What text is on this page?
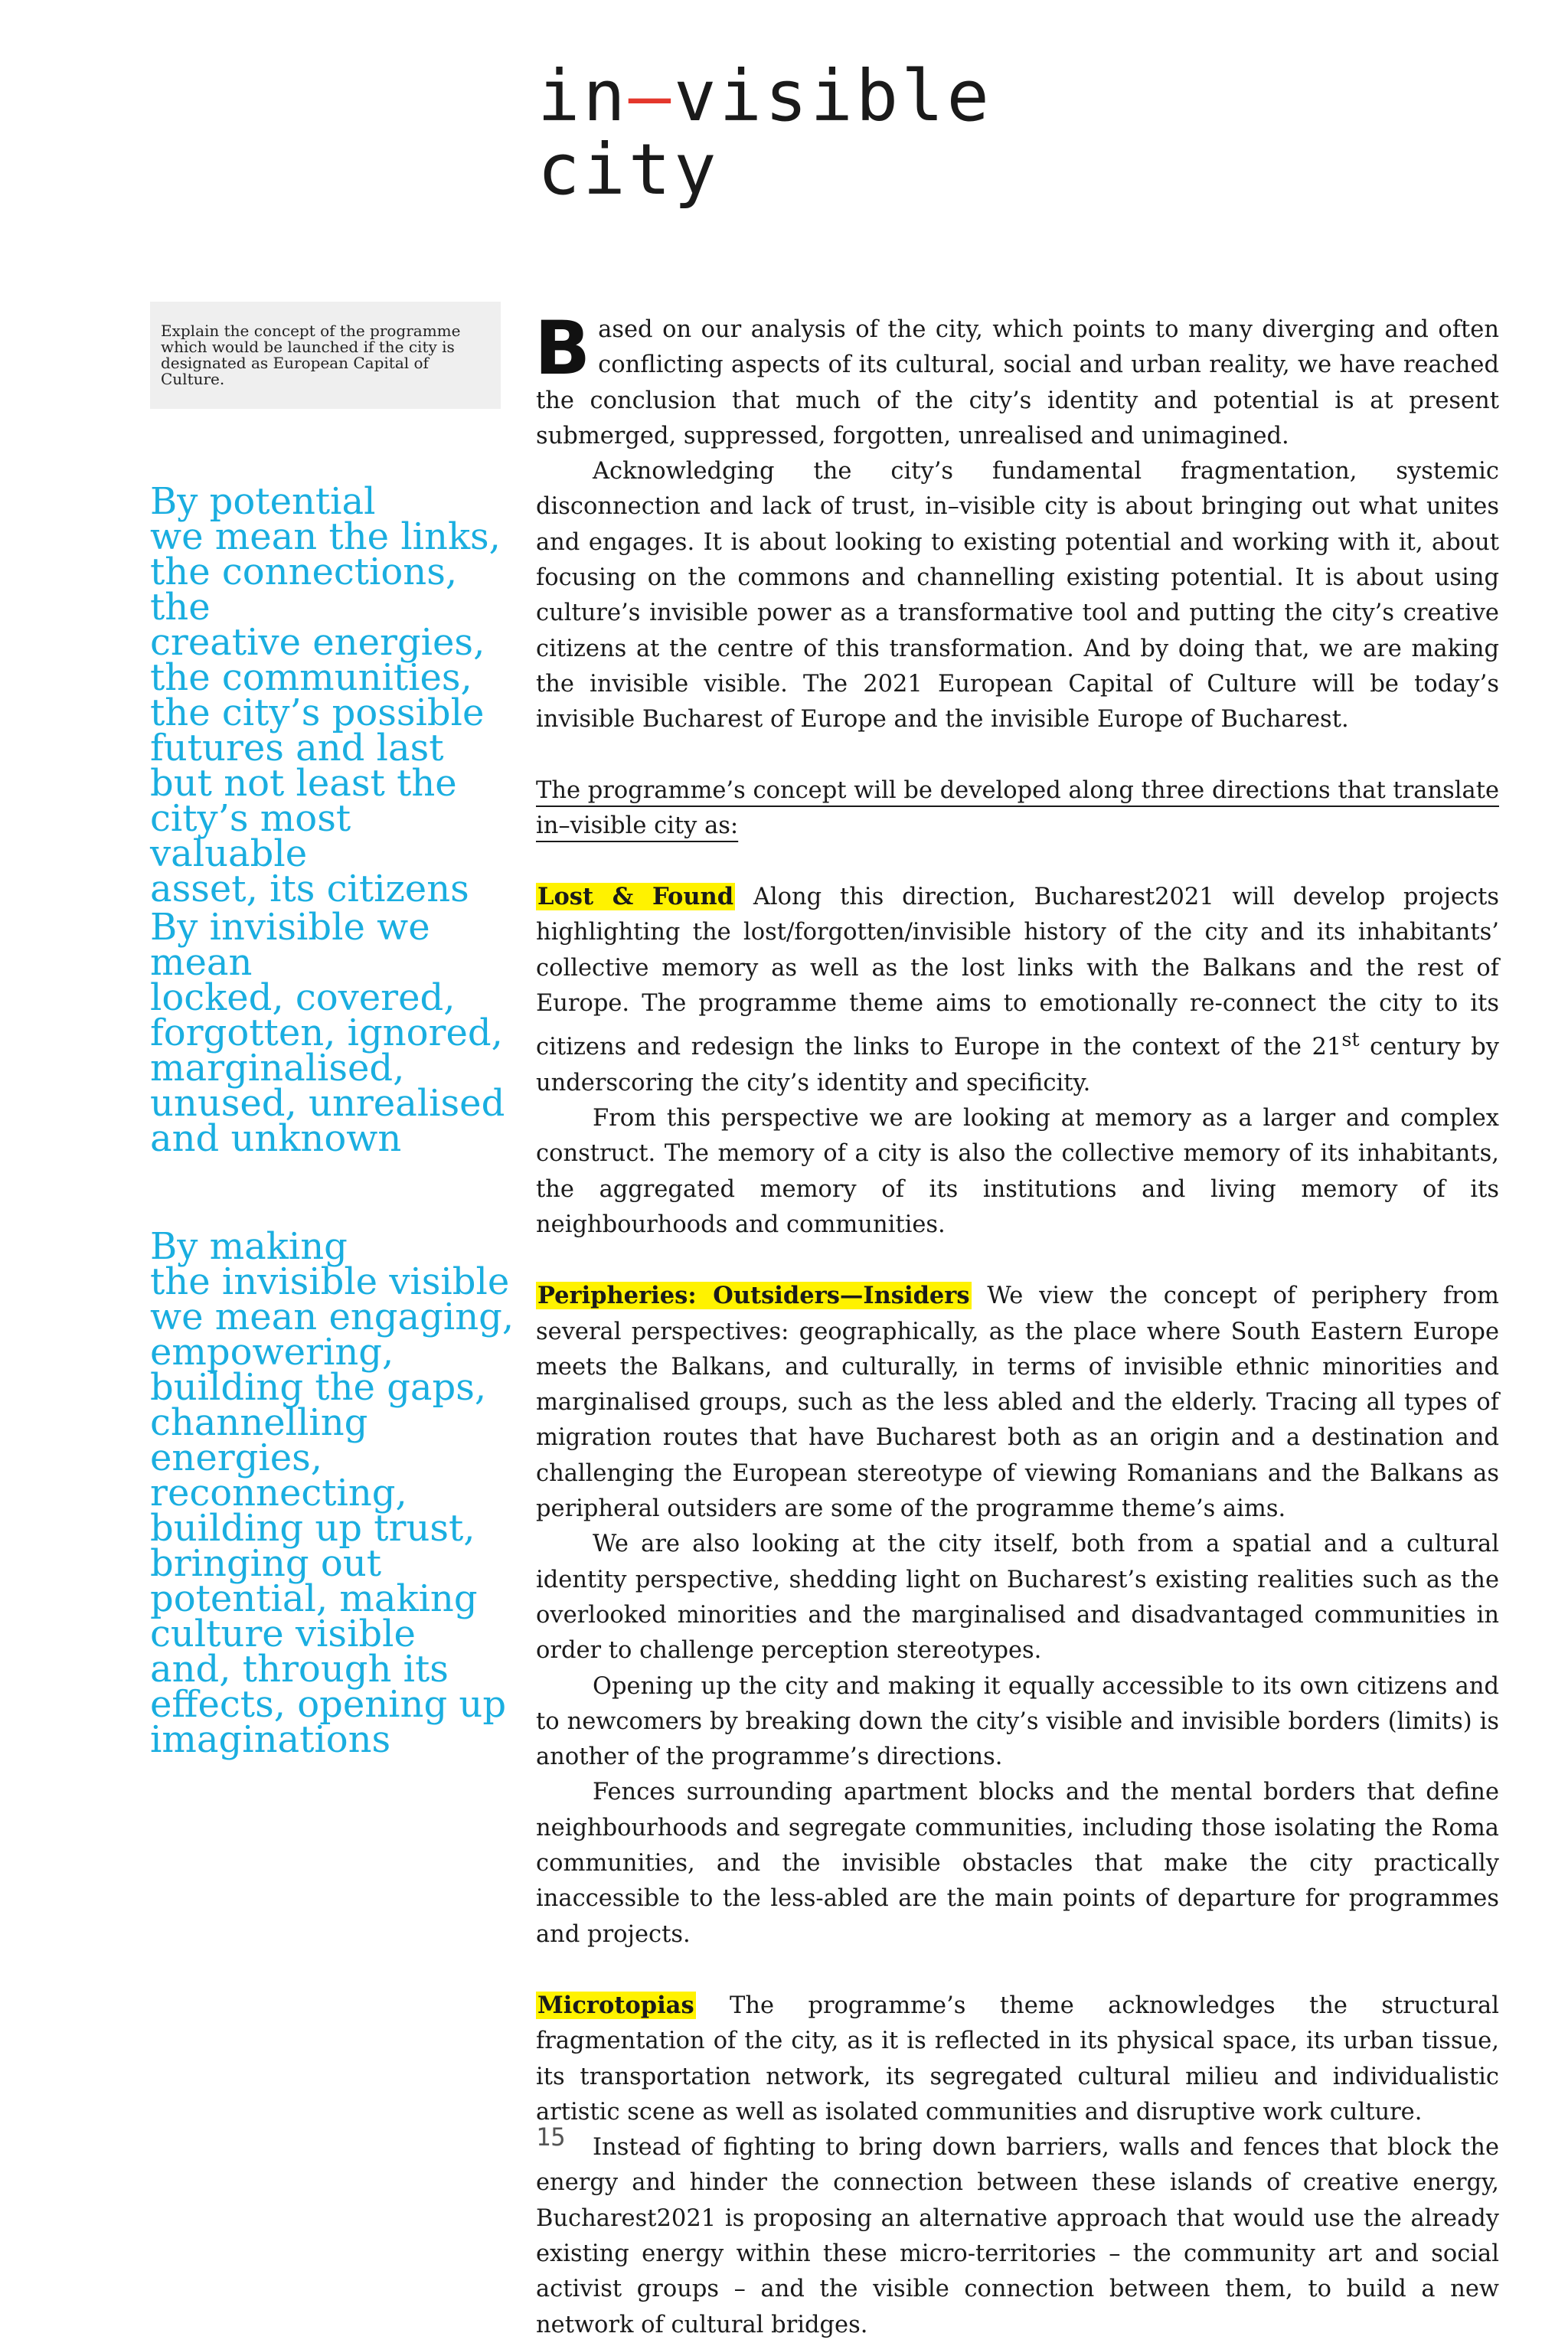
in—visible
city
Explain the concept of the programme which would be launched if the city is designated as European Capital of Culture.

By potential
we mean the links,
the connections, the
creative energies,
the communities,
the city’s possible
futures and last
but not least the
city’s most valuable
asset, its citizens

By invisible we mean
locked, covered,
forgotten, ignored,
marginalised,
unused, unrealised
and unknown

By making
the invisible visible
we mean engaging,
empowering,
building the gaps,
channelling energies,
reconnecting,
building up trust,
bringing out
potential, making
culture visible
and, through its
effects, opening up
imaginations

Based on our analysis of the city, which points to many diverging and often conflicting aspects of its cultural, social and urban reality, we have reached the conclusion that much of the city’s identity and potential is at present submerged, suppressed, forgotten, unrealised and unimagined.

Acknowledging the city’s fundamental fragmentation, systemic disconnection and lack of trust, in–visible city is about bringing out what unites and engages. It is about looking to existing potential and working with it, about focusing on the commons and channelling existing potential. It is about using culture’s invisible power as a transformative tool and putting the city’s creative citizens at the centre of this transformation. And by doing that, we are making the invisible visible. The 2021 European Capital of Culture will be today’s invisible Bucharest of Europe and the invisible Europe of Bucharest.

The programme’s concept will be developed along three directions that translate in–visible city as:

Lost & Found Along this direction, Bucharest2021 will develop projects highlighting the lost/forgotten/invisible history of the city and its inhabitants’ collective memory as well as the lost links with the Balkans and the rest of Europe. The programme theme aims to emotionally re-connect the city to its citizens and redesign the links to Europe in the context of the 21st century by underscoring the city’s identity and specificity.

From this perspective we are looking at memory as a larger and complex construct. The memory of a city is also the collective memory of its inhabitants, the aggregated memory of its institutions and living memory of its neighbourhoods and communities.

Peripheries: Outsiders—Insiders We view the concept of periphery from several perspectives: geographically, as the place where South Eastern Europe meets the Balkans, and culturally, in terms of invisible ethnic minorities and marginalised groups, such as the less abled and the elderly. Tracing all types of migration routes that have Bucharest both as an origin and a destination and challenging the European stereotype of viewing Romanians and the Balkans as peripheral outsiders are some of the programme theme’s aims.

We are also looking at the city itself, both from a spatial and a cultural identity perspective, shedding light on Bucharest’s existing realities such as the overlooked minorities and the marginalised and disadvantaged communities in order to challenge perception stereotypes.

Opening up the city and making it equally accessible to its own citizens and to newcomers by breaking down the city’s visible and invisible borders (limits) is another of the programme’s directions.

Fences surrounding apartment blocks and the mental borders that define neighbourhoods and segregate communities, including those isolating the Roma communities, and the invisible obstacles that make the city practically inaccessible to the less-abled are the main points of departure for programmes and projects.

Microtopias The programme’s theme acknowledges the structural fragmentation of the city, as it is reflected in its physical space, its urban tissue, its transportation network, its segregated cultural milieu and individualistic artistic scene as well as isolated communities and disruptive work culture.

Instead of fighting to bring down barriers, walls and fences that block the energy and hinder the connection between these islands of creative energy, Bucharest2021 is proposing an alternative approach that would use the already existing energy within these micro-territories – the community art and social activist groups – and the visible connection between them, to build a new network of cultural bridges.

15
